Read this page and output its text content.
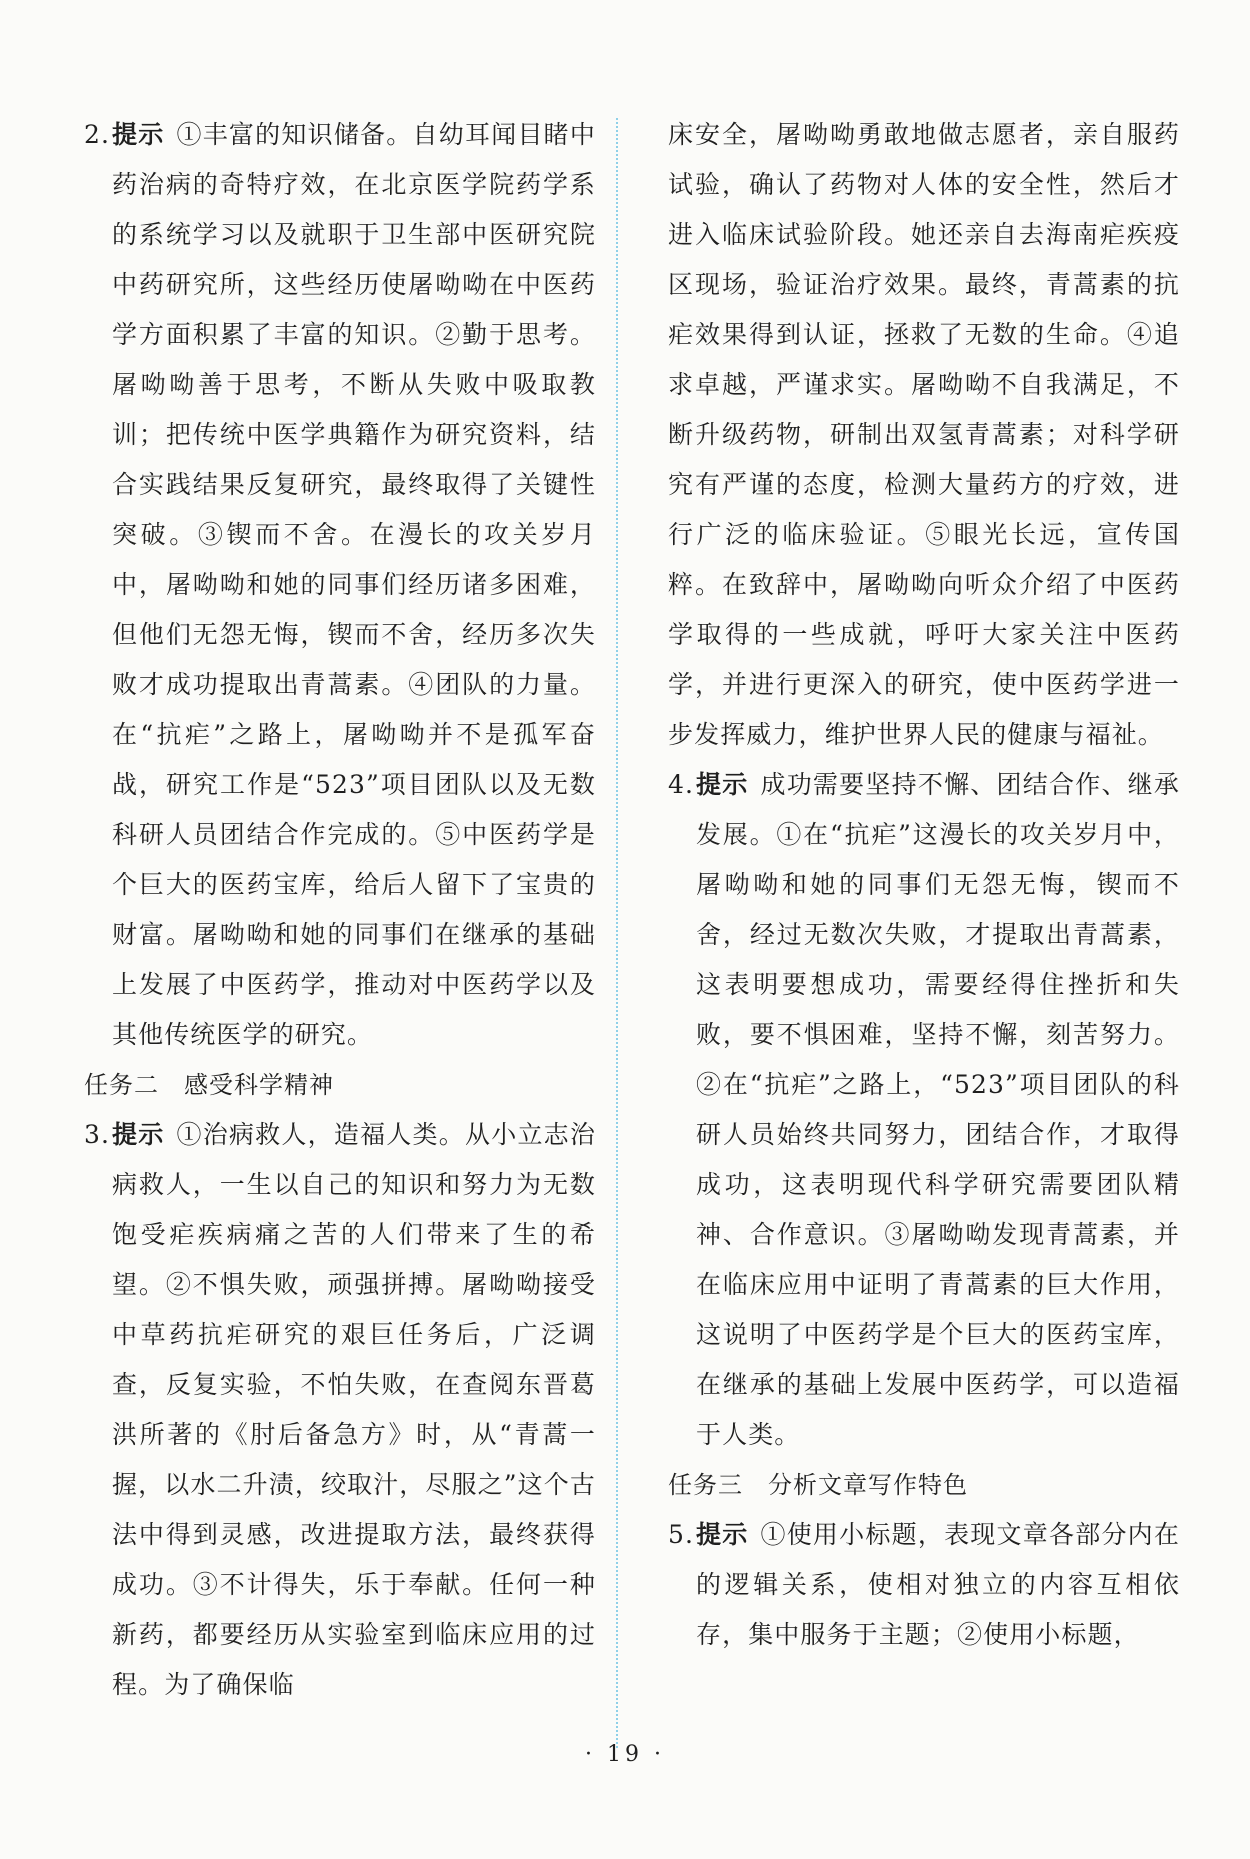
2. 提示 ①丰富的知识储备。自幼耳闻目睹中药治病的奇特疗效，在北京医学院药学系的系统学习以及就职于卫生部中医研究院中药研究所，这些经历使屠呦呦在中医药学方面积累了丰富的知识。②勤于思考。屠呦呦善于思考，不断从失败中吸取教训；把传统中医学典籍作为研究资料，结合实践结果反复研究，最终取得了关键性突破。③锲而不舍。在漫长的攻关岁月中，屠呦呦和她的同事们经历诸多困难，但他们无怨无悔，锲而不舍，经历多次失败才成功提取出青蒿素。④团队的力量。在“抗疟”之路上，屠呦呦并不是孤军奋战，研究工作是“523”项目团队以及无数科研人员团结合作完成的。⑤中医药学是个巨大的医药宝库，给后人留下了宝贵的财富。屠呦呦和她的同事们在继承的基础上发展了中医药学，推动对中医药学以及其他传统医学的研究。

任务二　感受科学精神

3. 提示 ①治病救人，造福人类。从小立志治病救人，一生以自己的知识和努力为无数饱受疟疾病痛之苦的人们带来了生的希望。②不惧失败，顽强拼搏。屠呦呦接受中草药抗疟研究的艰巨任务后，广泛调查，反复实验，不怕失败，在查阅东晋葛洪所著的《肘后备急方》时，从“青蒿一握，以水二升渍，绞取汁，尽服之”这个古法中得到灵感，改进提取方法，最终获得成功。③不计得失，乐于奉献。任何一种新药，都要经历从实验室到临床应用的过程。为了确保临

床安全，屠呦呦勇敢地做志愿者，亲自服药试验，确认了药物对人体的安全性，然后才进入临床试验阶段。她还亲自去海南疟疾疫区现场，验证治疗效果。最终，青蒿素的抗疟效果得到认证，拯救了无数的生命。④追求卓越，严谨求实。屠呦呦不自我满足，不断升级药物，研制出双氢青蒿素；对科学研究有严谨的态度，检测大量药方的疗效，进行广泛的临床验证。⑤眼光长远，宣传国粹。在致辞中，屠呦呦向听众介绍了中医药学取得的一些成就，呼吁大家关注中医药学，并进行更深入的研究，使中医药学进一步发挥威力，维护世界人民的健康与福祉。

4. 提示 成功需要坚持不懈、团结合作、继承发展。①在“抗疟”这漫长的攻关岁月中，屠呦呦和她的同事们无怨无悔，锲而不舍，经过无数次失败，才提取出青蒿素，这表明要想成功，需要经得住挫折和失败，要不惧困难，坚持不懈，刻苦努力。②在“抗疟”之路上，“523”项目团队的科研人员始终共同努力，团结合作，才取得成功，这表明现代科学研究需要团队精神、合作意识。③屠呦呦发现青蒿素，并在临床应用中证明了青蒿素的巨大作用，这说明了中医药学是个巨大的医药宝库，在继承的基础上发展中医药学，可以造福于人类。

任务三　分析文章写作特色

5. 提示 ①使用小标题，表现文章各部分内在的逻辑关系，使相对独立的内容互相依存，集中服务于主题；②使用小标题，

· 19 ·
